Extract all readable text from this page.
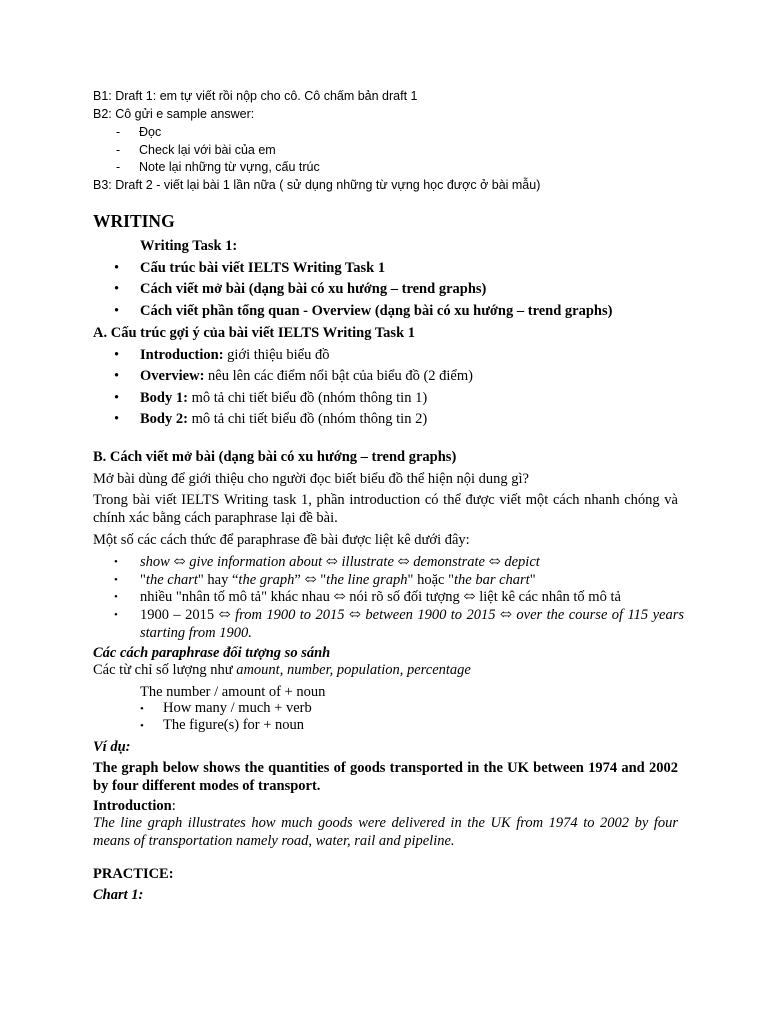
B1: Draft 1: em tự viết rồi nộp cho cô. Cô chấm bản draft 1
B2: Cô gửi e sample answer:
- Đọc
- Check lại với bài của em
- Note lại những từ vựng, cấu trúc
B3: Draft 2 - viết lại bài 1 lần nữa ( sử dụng những từ vựng học được ở bài mẫu)
WRITING
Writing Task 1:
• Cấu trúc bài viết IELTS Writing Task 1
• Cách viết mở bài (dạng bài có xu hướng – trend graphs)
• Cách viết phần tổng quan - Overview (dạng bài có xu hướng – trend graphs)
A. Cấu trúc gợi ý của bài viết IELTS Writing Task 1
• Introduction: giới thiệu biểu đồ
• Overview: nêu lên các điểm nổi bật của biểu đồ (2 điểm)
• Body 1: mô tả chi tiết biểu đồ (nhóm thông tin 1)
• Body 2: mô tả chi tiết biểu đồ (nhóm thông tin 2)
B. Cách viết mở bài (dạng bài có xu hướng – trend graphs)
Mở bài dùng để giới thiệu cho người đọc biết biểu đồ thể hiện nội dung gì?
Trong bài viết IELTS Writing task 1, phần introduction có thể được viết một cách nhanh chóng và chính xác bằng cách paraphrase lại đề bài.
Một số các cách thức để paraphrase đề bài được liệt kê dưới đây:
• show ⬄ give information about ⬄ illustrate ⬄ demonstrate ⬄ depict
• "the chart" hay “the graph” ⬄ "the line graph" hoặc "the bar chart"
• nhiều "nhân tố mô tả" khác nhau ⬄ nói rõ số đối tượng ⬄ liệt kê các nhân tố mô tả
• 1900 – 2015 ⬄ from 1900 to 2015 ⬄ between 1900 to 2015 ⬄ over the course of 115 years starting from 1900.
Các cách paraphrase đối tượng so sánh
Các từ chỉ số lượng như amount, number, population, percentage
The number / amount of + noun
• How many / much + verb
• The figure(s) for + noun
Ví dụ:
The graph below shows the quantities of goods transported in the UK between 1974 and 2002 by four different modes of transport.
Introduction:
The line graph illustrates how much goods were delivered in the UK from 1974 to 2002 by four means of transportation namely road, water, rail and pipeline.
PRACTICE:
Chart 1:
